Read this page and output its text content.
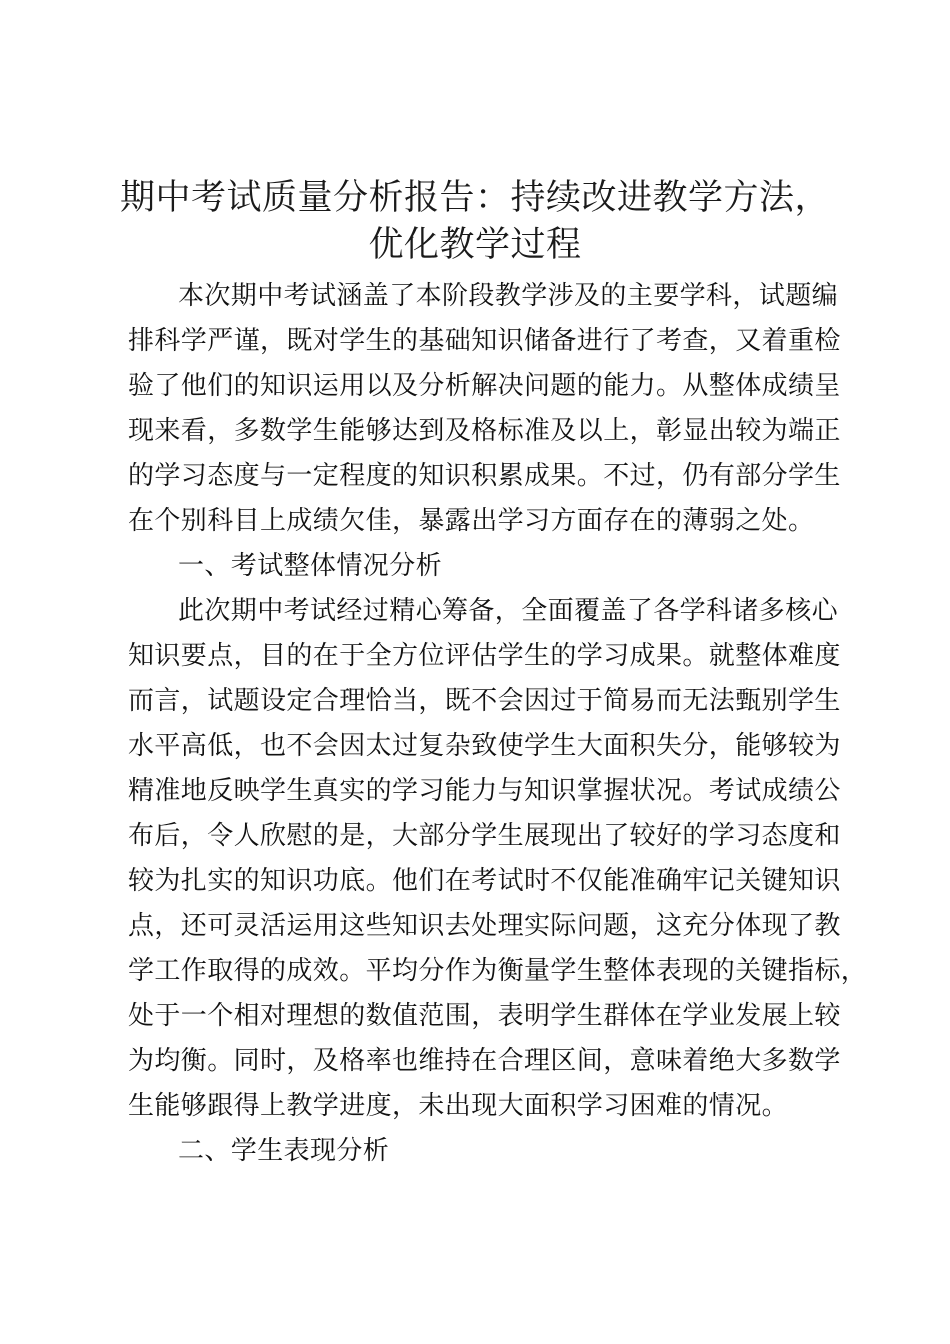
期中考试质量分析报告：持续改进教学方法，
优化教学过程
本次期中考试涵盖了本阶段教学涉及的主要学科，试题编
排科学严谨，既对学生的基础知识储备进行了考查，又着重检
验了他们的知识运用以及分析解决问题的能力。从整体成绩呈
现来看，多数学生能够达到及格标准及以上，彰显出较为端正
的学习态度与一定程度的知识积累成果。不过，仍有部分学生
在个别科目上成绩欠佳，暴露出学习方面存在的薄弱之处。
一、考试整体情况分析
此次期中考试经过精心筹备，全面覆盖了各学科诸多核心
知识要点，目的在于全方位评估学生的学习成果。就整体难度
而言，试题设定合理恰当，既不会因过于简易而无法甄别学生
水平高低，也不会因太过复杂致使学生大面积失分，能够较为
精准地反映学生真实的学习能力与知识掌握状况。考试成绩公
布后，令人欣慰的是，大部分学生展现出了较好的学习态度和
较为扎实的知识功底。他们在考试时不仅能准确牢记关键知识
点，还可灵活运用这些知识去处理实际问题，这充分体现了教
学工作取得的成效。平均分作为衡量学生整体表现的关键指标，
处于一个相对理想的数值范围，表明学生群体在学业发展上较
为均衡。同时，及格率也维持在合理区间，意味着绝大多数学
生能够跟得上教学进度，未出现大面积学习困难的情况。
二、学生表现分析
